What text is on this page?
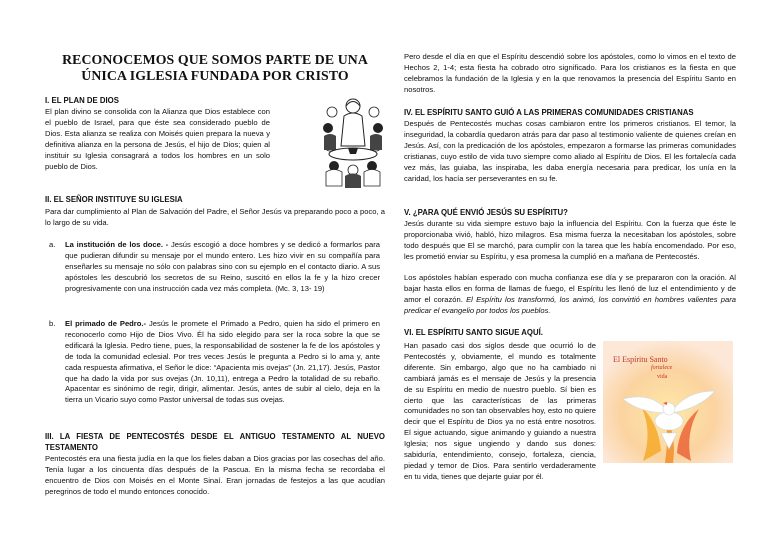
RECONOCEMOS QUE SOMOS PARTE DE UNA
ÚNICA IGLESIA FUNDADA POR CRISTO
I. EL PLAN DE DIOS

El plan divino se consolida con la Alianza que Dios establece con el pueblo de Israel, para que éste sea considerado pueblo de Dios. Esta alianza se realiza con Moisés quien prepara la nueva y definitiva alianza en la persona de Jesús, el hijo de Dios; quien al instituir su Iglesia consagrará a todos los hombres en un solo pueblo de Dios.

II. EL SEÑOR INSTITUYE SU IGLESIA

Para dar cumplimiento al Plan de Salvación del Padre, el Señor Jesús va preparando poco a poco, a lo largo de su vida.

a. La institución de los doce. - Jesús escogió a doce hombres y se dedicó a formarlos para que pudieran difundir su mensaje por el mundo entero. Les hizo vivir en su compañía para enseñarles su mensaje no sólo con palabras sino con su ejemplo en el contacto diario. A sus apóstoles les descubrió los secretos de su Reino, suscitó en ellos la fe y la hizo crecer progresivamente con una instrucción cada vez más completa. (Mc. 3, 13- 19)

b. El primado de Pedro.- Jesús le promete el Primado a Pedro, quien ha sido el primero en reconocerlo como Hijo de Dios Vivo. Él ha sido elegido para ser la roca sobre la que se edificará la Iglesia. Pedro tiene, pues, la responsabilidad de sostener la fe de los apóstoles y de toda la comunidad eclesial. Por tres veces Jesús le pregunta a Pedro si lo ama y, ante cada respuesta afirmativa, el Señor le dice: “Apacienta mis ovejas” (Jn. 21,17). Jesús, Pastor que ha dado la vida por sus ovejas (Jn. 10,11), entrega a Pedro la totalidad de su rebaño. Apacentar es sinónimo de regir, dirigir, alimentar. Jesús, antes de subir al cielo, deja en la tierra un Vicario suyo como Pastor universal de todas sus ovejas.

III. LA FIESTA DE PENTECOSTÉS DESDE EL ANTIGUO TESTAMENTO AL NUEVO TESTAMENTO

Pentecostés era una fiesta judía en la que los fieles daban a Dios gracias por las cosechas del año. Tenía lugar a los cincuenta días después de la Pascua. En la misma fecha se recordaba el encuentro de Dios con Moisés en el Monte Sinaí. Eran jornadas de festejos a las que acudían peregrinos de todo el mundo entonces conocido.

Pero desde el día en que el Espíritu descendió sobre los apóstoles, como lo vimos en el texto de Hechos 2, 1-4; esta fiesta ha cobrado otro significado. Para los cristianos es la fiesta en que celebramos la fundación de la Iglesia y en la que renovamos la presencia del Espíritu Santo en nosotros.

IV. EL ESPÍRITU SANTO GUIÓ A LAS PRIMERAS COMUNIDADES CRISTIANAS

Después de Pentecostés muchas cosas cambiaron entre los primeros cristianos. El temor, la inseguridad, la cobardía quedaron atrás para dar paso al testimonio valiente de quienes creían en Jesús. Así, con la predicación de los apóstoles, empezaron a formarse las primeras comunidades cristianas, cuyo estilo de vida tuvo siempre como aliado al Espíritu de Dios. El les fortalecía cada vez más, las guiaba, las inspiraba, les daba energía necesaria para predicar, los unía en la caridad, los hacía ser perseverantes en su fe.

V. ¿PARA QUÉ ENVIÓ JESÚS SU ESPÍRITU?

Jesús durante su vida siempre estuvo bajo la influencia del Espíritu. Con la fuerza que éste le proporcionaba vivió, habló, hizo milagros. Esa misma fuerza la necesitaban los apóstoles, sobre todo después que El se marchó, para cumplir con la tarea que les había encomendado. Por eso, les prometió enviar su Espíritu, y esa promesa la cumplió en a mañana de Pentecostés.

Los apóstoles habían esperado con mucha confianza ese día y se prepararon con la oración. Al bajar hasta ellos en forma de llamas de fuego, el Espíritu les llenó de luz el entendimiento y de amor el corazón. El Espíritu los transformó, los animó, los convirtió en hombres valientes para predicar el evangelio por todos los pueblos.

VI. EL ESPÍRITU SANTO SIGUE AQUÍ.

Han pasado casi dos siglos desde que ocurrió lo de Pentecostés y, obviamente, el mundo es totalmente diferente. Sin embargo, algo que no ha cambiado ni cambiará jamás es el mensaje de Jesús y la presencia de su Espíritu en medio de nuestro pueblo. Sí bien es cierto que las características de las primeras comunidades no son tan observables hoy, esto no quiere decir que el Espíritu de Dios ya no está entre nosotros. El sigue actuando, sigue animando y guiando a nuestra Iglesia; nos sigue ungiendo y dando sus dones: sabiduría, entendimiento, consejo, fortaleza, ciencia, piedad y temor de Dios. Para sentirlo verdaderamente en tu vida, tienes que dejarte guiar por él.

El Espíritu Santo
fortalece
vida
